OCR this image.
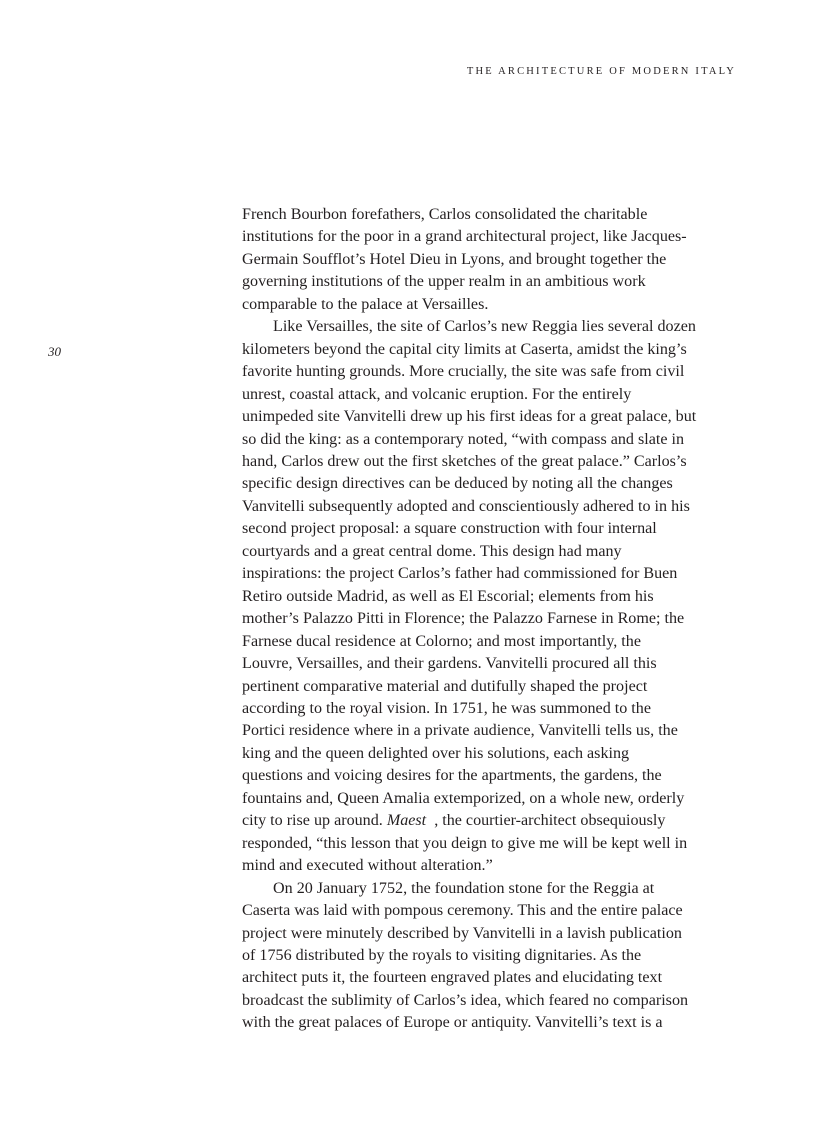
THE ARCHITECTURE OF MODERN ITALY
30
French Bourbon forefathers, Carlos consolidated the charitable
institutions for the poor in a grand architectural project, like Jacques-
Germain Soufflot’s Hotel Dieu in Lyons, and brought together the
governing institutions of the upper realm in an ambitious work
comparable to the palace at Versailles.
Like Versailles, the site of Carlos’s new Reggia lies several dozen
kilometers beyond the capital city limits at Caserta, amidst the king’s
favorite hunting grounds. More crucially, the site was safe from civil
unrest, coastal attack, and volcanic eruption. For the entirely
unimpeded site Vanvitelli drew up his first ideas for a great palace, but
so did the king: as a contemporary noted, “with compass and slate in
hand, Carlos drew out the first sketches of the great palace.” Carlos’s
specific design directives can be deduced by noting all the changes
Vanvitelli subsequently adopted and conscientiously adhered to in his
second project proposal: a square construction with four internal
courtyards and a great central dome. This design had many
inspirations: the project Carlos’s father had commissioned for Buen
Retiro outside Madrid, as well as El Escorial; elements from his
mother’s Palazzo Pitti in Florence; the Palazzo Farnese in Rome; the
Farnese ducal residence at Colorno; and most importantly, the
Louvre, Versailles, and their gardens. Vanvitelli procured all this
pertinent comparative material and dutifully shaped the project
according to the royal vision. In 1751, he was summoned to the
Portici residence where in a private audience, Vanvitelli tells us, the
king and the queen delighted over his solutions, each asking
questions and voicing desires for the apartments, the gardens, the
fountains and, Queen Amalia extemporized, on a whole new, orderly
city to rise up around. Maest  , the courtier-architect obsequiously
responded, “this lesson that you deign to give me will be kept well in
mind and executed without alteration.”
On 20 January 1752, the foundation stone for the Reggia at
Caserta was laid with pompous ceremony. This and the entire palace
project were minutely described by Vanvitelli in a lavish publication
of 1756 distributed by the royals to visiting dignitaries. As the
architect puts it, the fourteen engraved plates and elucidating text
broadcast the sublimity of Carlos’s idea, which feared no comparison
with the great palaces of Europe or antiquity. Vanvitelli’s text is a
